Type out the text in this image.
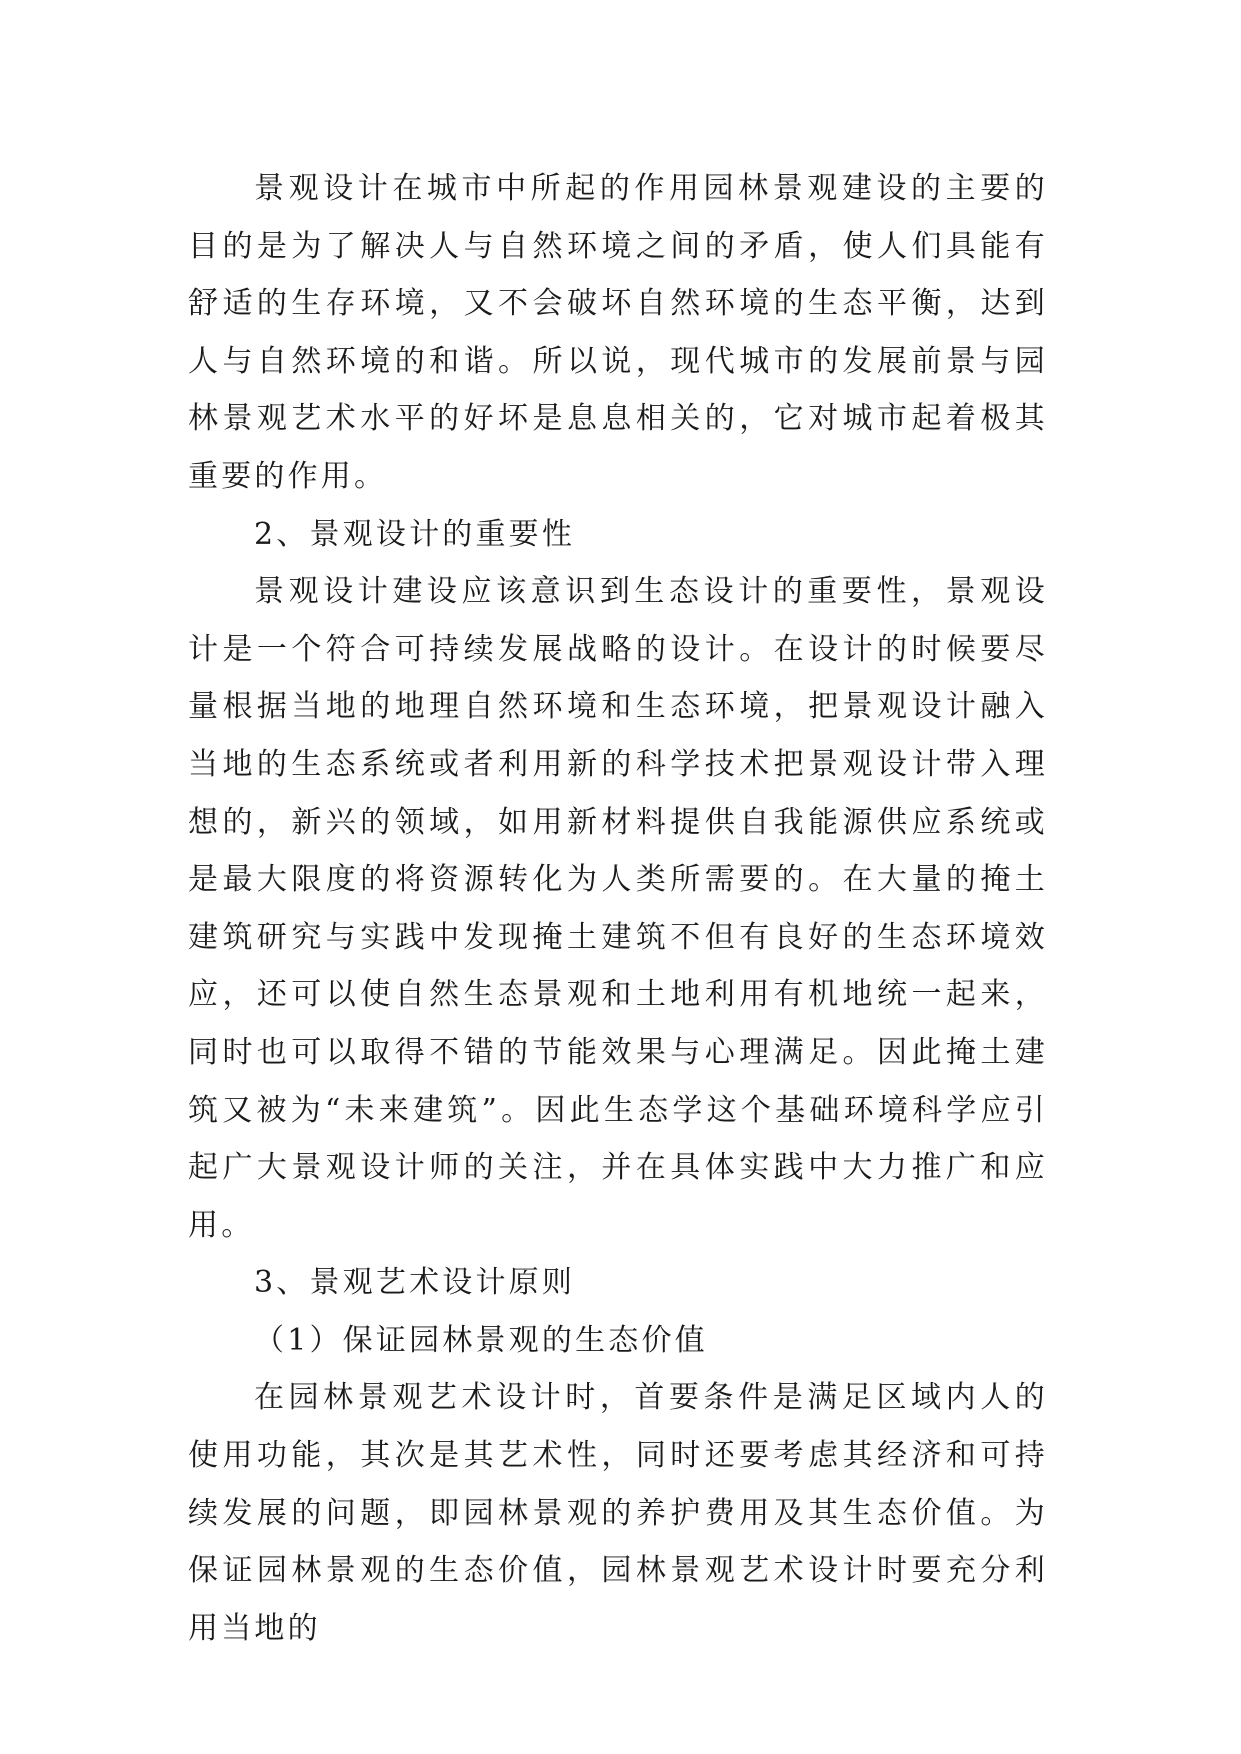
景观设计在城市中所起的作用园林景观建设的主要的目的是为了解决人与自然环境之间的矛盾，使人们具能有舒适的生存环境，又不会破坏自然环境的生态平衡，达到人与自然环境的和谐。所以说，现代城市的发展前景与园林景观艺术水平的好坏是息息相关的，它对城市起着极其重要的作用。

2、景观设计的重要性

景观设计建设应该意识到生态设计的重要性，景观设计是一个符合可持续发展战略的设计。在设计的时候要尽量根据当地的地理自然环境和生态环境，把景观设计融入当地的生态系统或者利用新的科学技术把景观设计带入理想的，新兴的领域，如用新材料提供自我能源供应系统或是最大限度的将资源转化为人类所需要的。在大量的掩土建筑研究与实践中发现掩土建筑不但有良好的生态环境效应，还可以使自然生态景观和土地利用有机地统一起来，同时也可以取得不错的节能效果与心理满足。因此掩土建筑又被为“未来建筑”。因此生态学这个基础环境科学应引起广大景观设计师的关注，并在具体实践中大力推广和应用。

3、景观艺术设计原则

（1）保证园林景观的生态价值

在园林景观艺术设计时，首要条件是满足区域内人的使用功能，其次是其艺术性，同时还要考虑其经济和可持续发展的问题，即园林景观的养护费用及其生态价值。为保证园林景观的生态价值，园林景观艺术设计时要充分利用当地的
